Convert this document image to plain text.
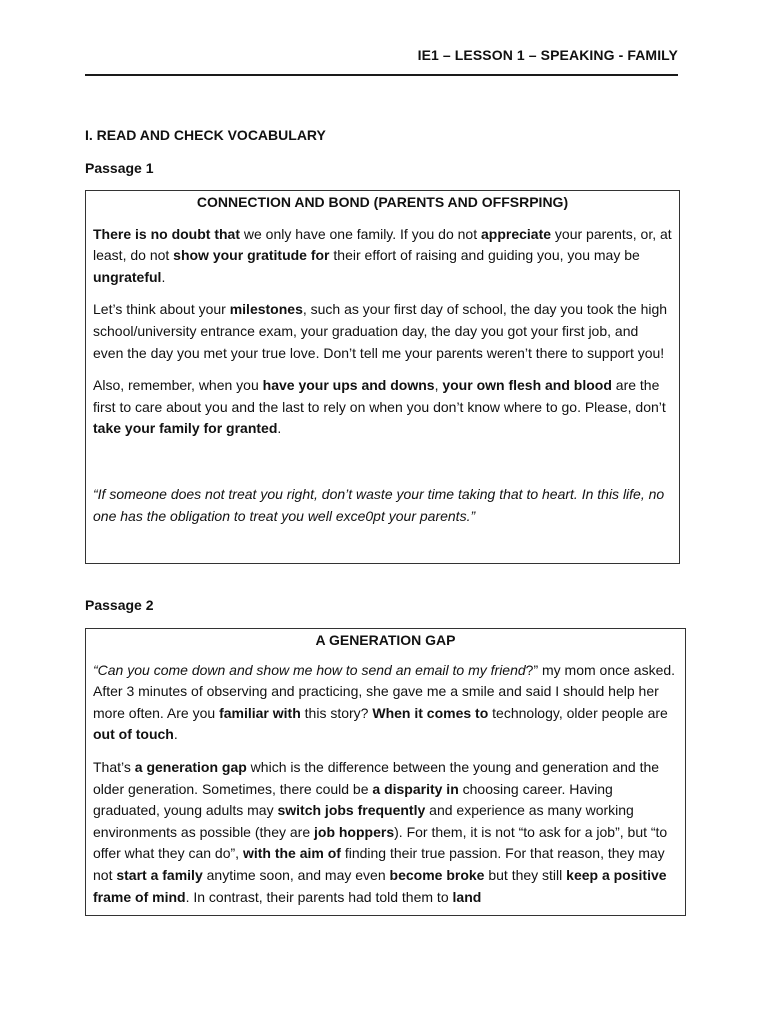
IE1 – LESSON 1 – SPEAKING - FAMILY
I. READ AND CHECK VOCABULARY
Passage 1
CONNECTION AND BOND (PARENTS AND OFFSRPING)

There is no doubt that we only have one family. If you do not appreciate your parents, or, at least, do not show your gratitude for their effort of raising and guiding you, you may be ungrateful.

Let’s think about your milestones, such as your first day of school, the day you took the high school/university entrance exam, your graduation day, the day you got your first job, and even the day you met your true love. Don’t tell me your parents weren’t there to support you!

Also, remember, when you have your ups and downs, your own flesh and blood are the first to care about you and the last to rely on when you don’t know where to go. Please, don’t take your family for granted.

“If someone does not treat you right, don’t waste your time taking that to heart. In this life, no one has the obligation to treat you well exce0pt your parents.”

Passage 2
A GENERATION GAP

“Can you come down and show me how to send an email to my friend?” my mom once asked. After 3 minutes of observing and practicing, she gave me a smile and said I should help her more often. Are you familiar with this story? When it comes to technology, older people are out of touch.

That’s a generation gap which is the difference between the young and generation and the older generation. Sometimes, there could be a disparity in choosing career. Having graduated, young adults may switch jobs frequently and experience as many working environments as possible (they are job hoppers). For them, it is not “to ask for a job”, but “to offer what they can do”, with the aim of finding their true passion. For that reason, they may not start a family anytime soon, and may even become broke but they still keep a positive frame of mind. In contrast, their parents had told them to land
